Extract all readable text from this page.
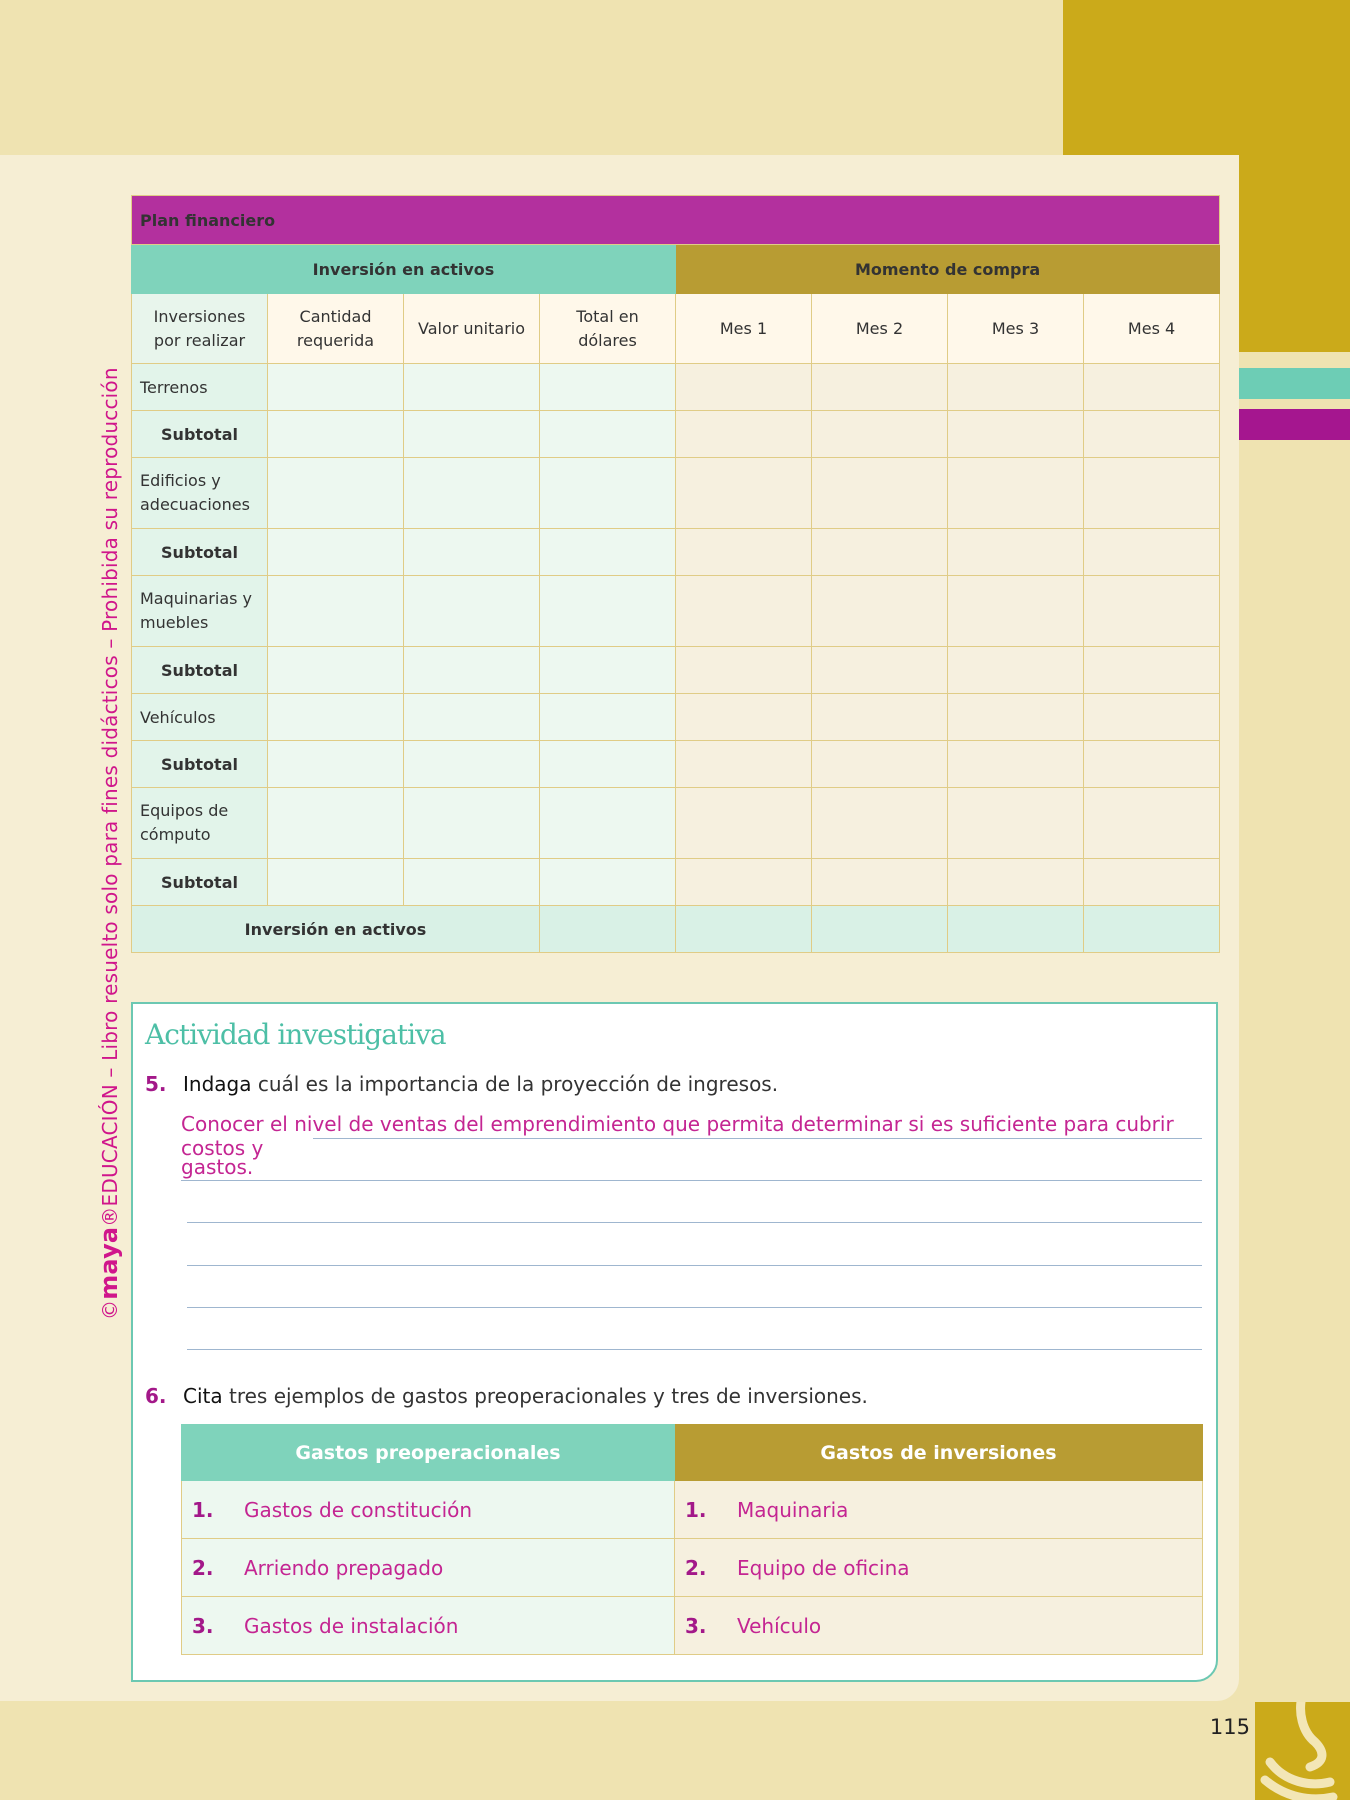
115
©maya®EDUCACIÓN – Libro resuelto solo para fines didácticos – Prohibida su reproducción
Plan financiero							
Inversión en activos				Momento de compra			
Inversiones por realizar	Cantidad requerida	Valor unitario	Total en dólares	Mes 1	Mes 2	Mes 3	Mes 4
Terrenos							
Subtotal							
Edificios y adecuaciones							
Subtotal							
Maquinarias y muebles							
Subtotal							
Vehículos							
Subtotal							
Equipos de cómputo							
Subtotal							
Inversión en activos							
Actividad investigativa
5. Indaga cuál es la importancia de la proyección de ingresos.
Conocer el nivel de ventas del emprendimiento que permita determinar si es suficiente para cubrir costos y
gastos.
6. Cita tres ejemplos de gastos preoperacionales y tres de inversiones.
Gastos preoperacionales	Gastos de inversiones
1. Gastos de constitución	1. Maquinaria
2. Arriendo prepagado	2. Equipo de oficina
3. Gastos de instalación	3. Vehículo
